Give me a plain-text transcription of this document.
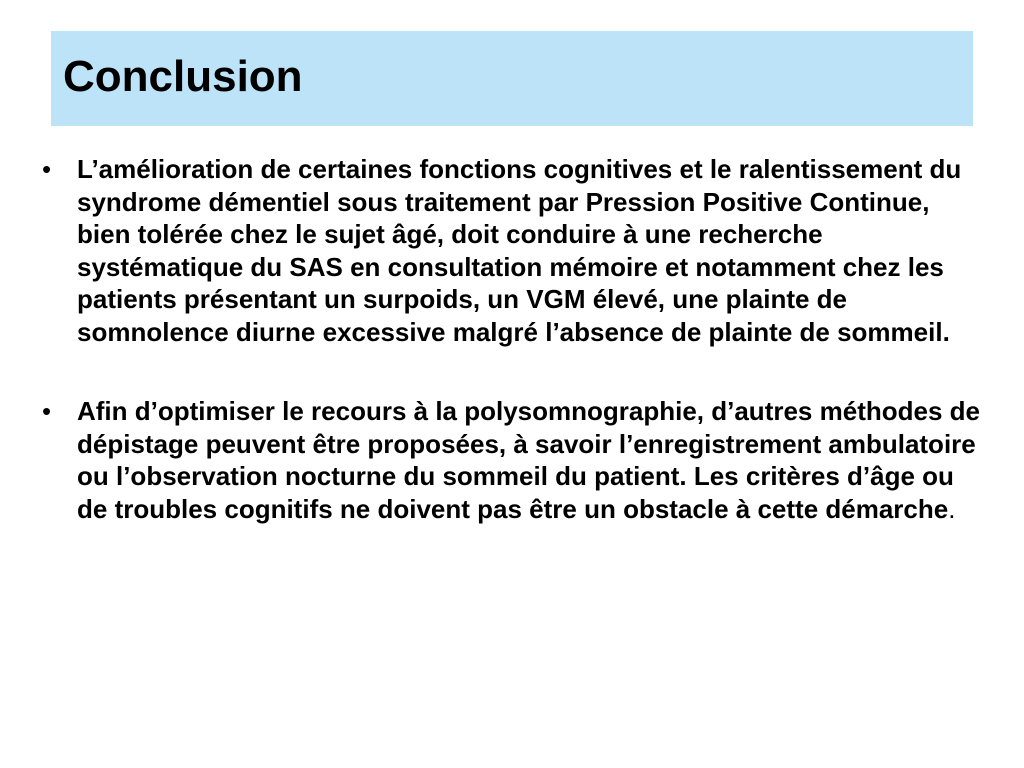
Conclusion
• L’amélioration de certaines fonctions cognitives et le ralentissement du syndrome démentiel sous traitement par Pression Positive Continue, bien tolérée chez le sujet âgé, doit conduire à une recherche systématique du SAS en consultation mémoire et notamment chez les patients présentant un surpoids, un VGM élevé, une plainte de somnolence diurne excessive malgré l’absence de plainte de sommeil.
• Afin d’optimiser le recours à la polysomnographie, d’autres méthodes de dépistage peuvent être proposées, à savoir l’enregistrement ambulatoire ou l’observation nocturne du sommeil du patient. Les critères d’âge ou de troubles cognitifs ne doivent pas être un obstacle à cette démarche.
